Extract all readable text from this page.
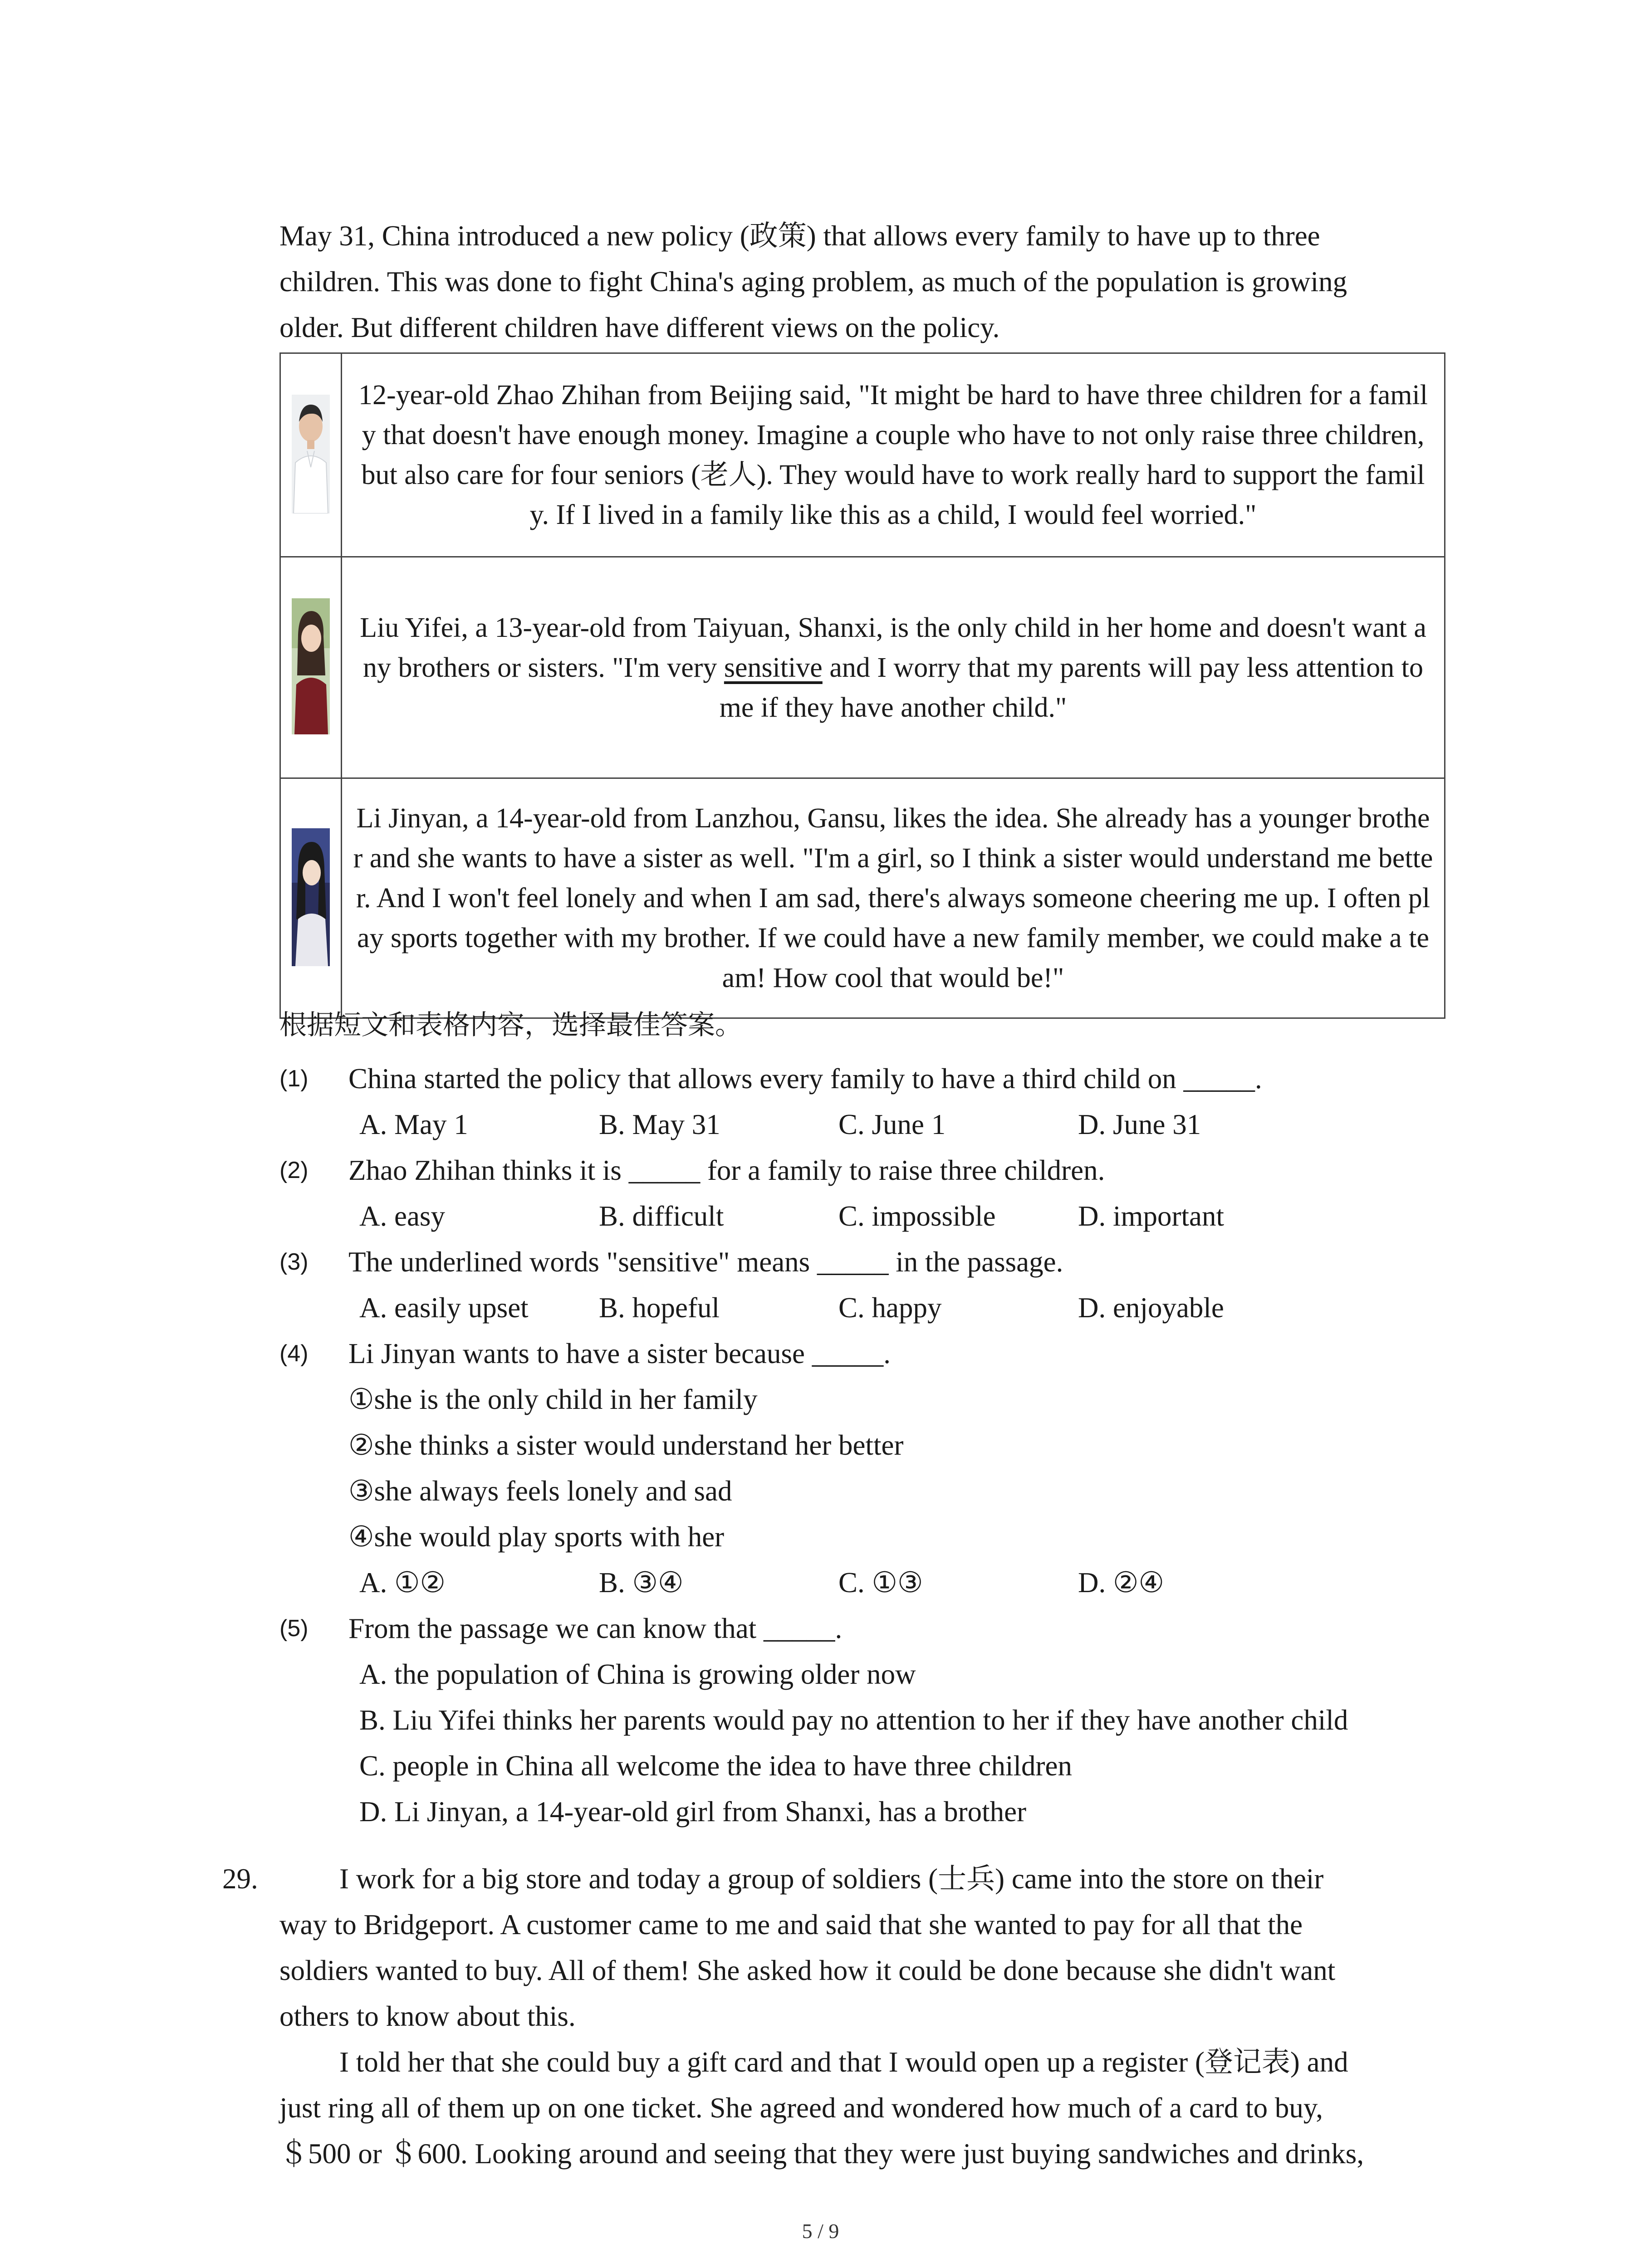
May 31, China introduced a new policy (政策) that allows every family to have up to three

children. This was done to fight China's aging problem, as much of the population is growing

older. But different children have different views on the policy.

	12-year-old Zhao Zhihan from Beijing said, "It might be hard to have three children for a family that doesn't have enough money. Imagine a couple who have to not only raise three children, but also care for four seniors (老人). They would have to work really hard to support the family. If I lived in a family like this as a child, I would feel worried."
	Liu Yifei, a 13-year-old from Taiyuan, Shanxi, is the only child in her home and doesn't want any brothers or sisters. "I'm very sensitive and I worry that my parents will pay less attention to me if they have another child."
	Li Jinyan, a 14-year-old from Lanzhou, Gansu, likes the idea. She already has a younger brother and she wants to have a sister as well. "I'm a girl, so I think a sister would understand me better. And I won't feel lonely and when I am sad, there's always someone cheering me up. I often play sports together with my brother. If we could have a new family member, we could make a team! How cool that would be!"

根据短文和表格内容，选择最佳答案。

(1)	China started the policy that allows every family to have a third child on _____.
A. May 1	B. May 31	C. June 1	D. June 31
(2)	Zhao Zhihan thinks it is _____ for a family to raise three children.
A. easy	B. difficult	C. impossible	D. important
(3)	The underlined words "sensitive" means _____ in the passage.
A. easily upset	B. hopeful	C. happy	D. enjoyable
(4)	Li Jinyan wants to have a sister because _____.
①she is the only child in her family
②she thinks a sister would understand her better
③she always feels lonely and sad
④she would play sports with her
A. ①②	B. ③④	C. ①③	D. ②④
(5)	From the passage we can know that _____.
A. the population of China is growing older now
B. Liu Yifei thinks her parents would pay no attention to her if they have another child
C. people in China all welcome the idea to have three children
D. Li Jinyan, a 14-year-old girl from Shanxi, has a brother
29.	I work for a big store and today a group of soldiers (士兵) came into the store on their

way to Bridgeport. A customer came to me and said that she wanted to pay for all that the

soldiers wanted to buy. All of them! She asked how it could be done because she didn't want

others to know about this.

I told her that she could buy a gift card and that I would open up a register (登记表) and

just ring all of them up on one ticket. She agreed and wondered how much of a card to buy,

＄500 or ＄600. Looking around and seeing that they were just buying sandwiches and drinks,

5 / 9
